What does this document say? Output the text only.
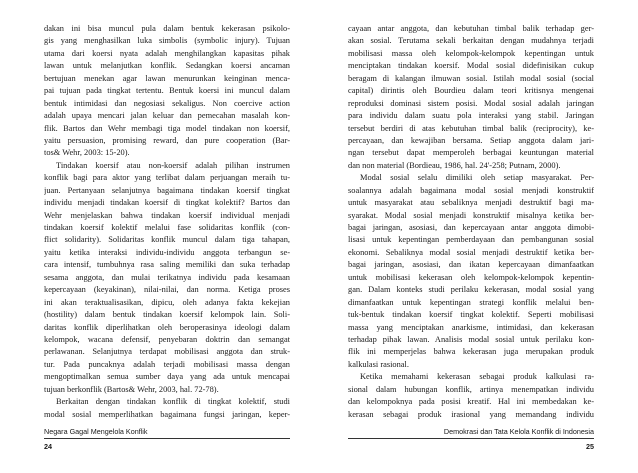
dakan ini bisa muncul pula dalam bentuk kekerasan psikolo-
gis yang menghasilkan luka simbolis (symbolic injury). Tujuan
utama dari koersi nyata adalah menghilangkan kapasitas pihak
lawan untuk melanjutkan konflik. Sedangkan koersi ancaman
bertujuan menekan agar lawan menurunkan keinginan menca-
pai tujuan pada tingkat tertentu. Bentuk koersi ini muncul dalam
bentuk intimidasi dan negosiasi sekaligus. Non coercive action
adalah upaya mencari jalan keluar dan pemecahan masalah kon-
flik. Bartos dan Wehr membagi tiga model tindakan non koersif,
yaitu persuasion, promising reward, dan pure cooperation (Bar-
tos& Wehr, 2003: 15-20).
Tindakan koersif atau non-koersif adalah pilihan instrumen
konflik bagi para aktor yang terlibat dalam perjuangan meraih tu-
juan. Pertanyaan selanjutnya bagaimana tindakan koersif tingkat
individu menjadi tindakan koersif di tingkat kolektif? Bartos dan
Wehr menjelaskan bahwa tindakan koersif individual menjadi
tindakan koersif kolektif melalui fase solidaritas konflik (con-
flict solidarity). Solidaritas konflik muncul dalam tiga tahapan,
yaitu ketika interaksi individu-individu anggota terbangun se-
cara intensif, tumbuhnya rasa saling memiliki dan suka terhadap
sesama anggota, dan mulai terikatnya individu pada kesamaan
kepercayaan (keyakinan), nilai-nilai, dan norma. Ketiga proses
ini akan teraktualisasikan, dipicu, oleh adanya fakta kekejian
(hostility) dalam bentuk tindakan koersif kelompok lain. Soli-
daritas konflik diperlihatkan oleh beroperasinya ideologi dalam
kelompok, wacana defensif, penyebaran doktrin dan semangat
perlawanan. Selanjutnya terdapat mobilisasi anggota dan struk-
tur. Pada puncaknya adalah terjadi mobilisasi massa dengan
mengoptimalkan semua sumber daya yang ada untuk mencapai
tujuan berkonflik (Bartos& Wehr, 2003, hal. 72-78).
Berkaitan dengan tindakan konflik di tingkat kolektif, studi
modal sosial memperlihatkan bagaimana fungsi jaringan, keper-
Negara Gagal Mengelola Konflik
24
cayaan antar anggota, dan kebutuhan timbal balik terhadap ger-
akan sosial. Terutama sekali berkaitan dengan mudahnya terjadi
mobilisasi massa oleh kelompok-kelompok kepentingan untuk
menciptakan tindakan koersif. Modal sosial didefinisikan cukup
beragam di kalangan ilmuwan sosial. Istilah modal sosial (social
capital) dirintis oleh Bourdieu dalam teori kritisnya mengenai
reproduksi dominasi sistem posisi. Modal sosial adalah jaringan
para individu dalam suatu pola interaksi yang stabil. Jaringan
tersebut berdiri di atas kebutuhan timbal balik (reciprocity), ke-
percayaan, dan kewajiban bersama. Setiap anggota dalam jari-
ngan tersebut dapat memperoleh berbagai keuntungan material
dan non material (Bordieau, 1986, hal. 24'-258; Putnam, 2000).
Modal sosial selalu dimiliki oleh setiap masyarakat. Per-
soalannya adalah bagaimana modal sosial menjadi konstruktif
untuk masyarakat atau sebaliknya menjadi destruktif bagi ma-
syarakat. Modal sosial menjadi konstruktif misalnya ketika ber-
bagai jaringan, asosiasi, dan kepercayaan antar anggota dimobi-
lisasi untuk kepentingan pemberdayaan dan pembangunan sosial
ekonomi. Sebaliknya modal sosial menjadi destruktif ketika ber-
bagai jaringan, asosiasi, dan ikatan kepercayaan dimanfaatkan
untuk mobilisasi kekerasan oleh kelompok-kelompok kepentin-
gan. Dalam konteks studi perilaku kekerasan, modal sosial yang
dimanfaatkan untuk kepentingan strategi konflik melalui ben-
tuk-bentuk tindakan koersif tingkat kolektif. Seperti mobilisasi
massa yang menciptakan anarkisme, intimidasi, dan kekerasan
terhadap pihak lawan. Analisis modal sosial untuk perilaku kon-
flik ini memperjelas bahwa kekerasan juga merupakan produk
kalkulasi rasional.
Ketika memahami kekerasan sebagai produk kalkulasi ra-
sional dalam hubungan konflik, artinya menempatkan individu
dan kelompoknya pada posisi kreatif. Hal ini membedakan ke-
kerasan sebagai produk irasional yang memandang individu
Demokrasi dan Tata Kelola Konflik di Indonesia
25
